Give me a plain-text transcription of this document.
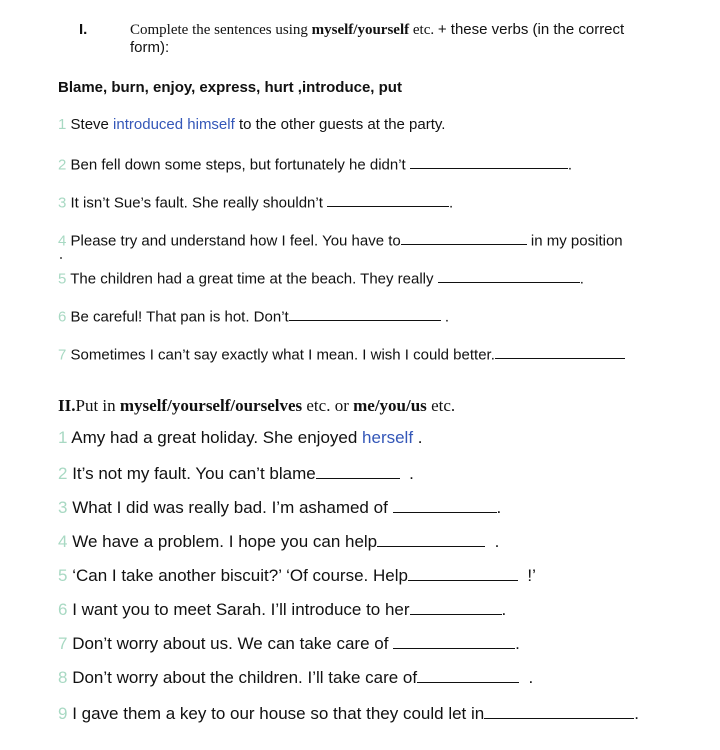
I.	Complete the sentences using myself/yourself etc. + these verbs (in the correct
form):
Blame, burn, enjoy, express, hurt ,introduce, put
1 Steve introduced himself to the other guests at the party.
2 Ben fell down some steps, but fortunately he didn’t	.
3 It isn’t Sue’s fault. She really shouldn’t	.
4 Please try and understand how I feel. You have to	in my position
5 The children had a great time at the beach. They really	.
6 Be careful! That pan is hot. Don’t	.
7 Sometimes I can’t say exactly what I mean. I wish I could better.
II.Put in myself/yourself/ourselves etc. or me/you/us etc.
1 Amy had a great holiday. She enjoyed herself .
2 It’s not my fault. You can’t blame	.
3 What I did was really bad. I’m ashamed of	.
4 We have a problem. I hope you can help	.
5 ‘Can I take another biscuit?’ ‘Of course. Help	!’
6 I want you to meet Sarah. I’ll introduce to her	.
7 Don’t worry about us. We can take care of	.
8 Don’t worry about the children. I’ll take care of	.
9 I gave them a key to our house so that they could let in	.
